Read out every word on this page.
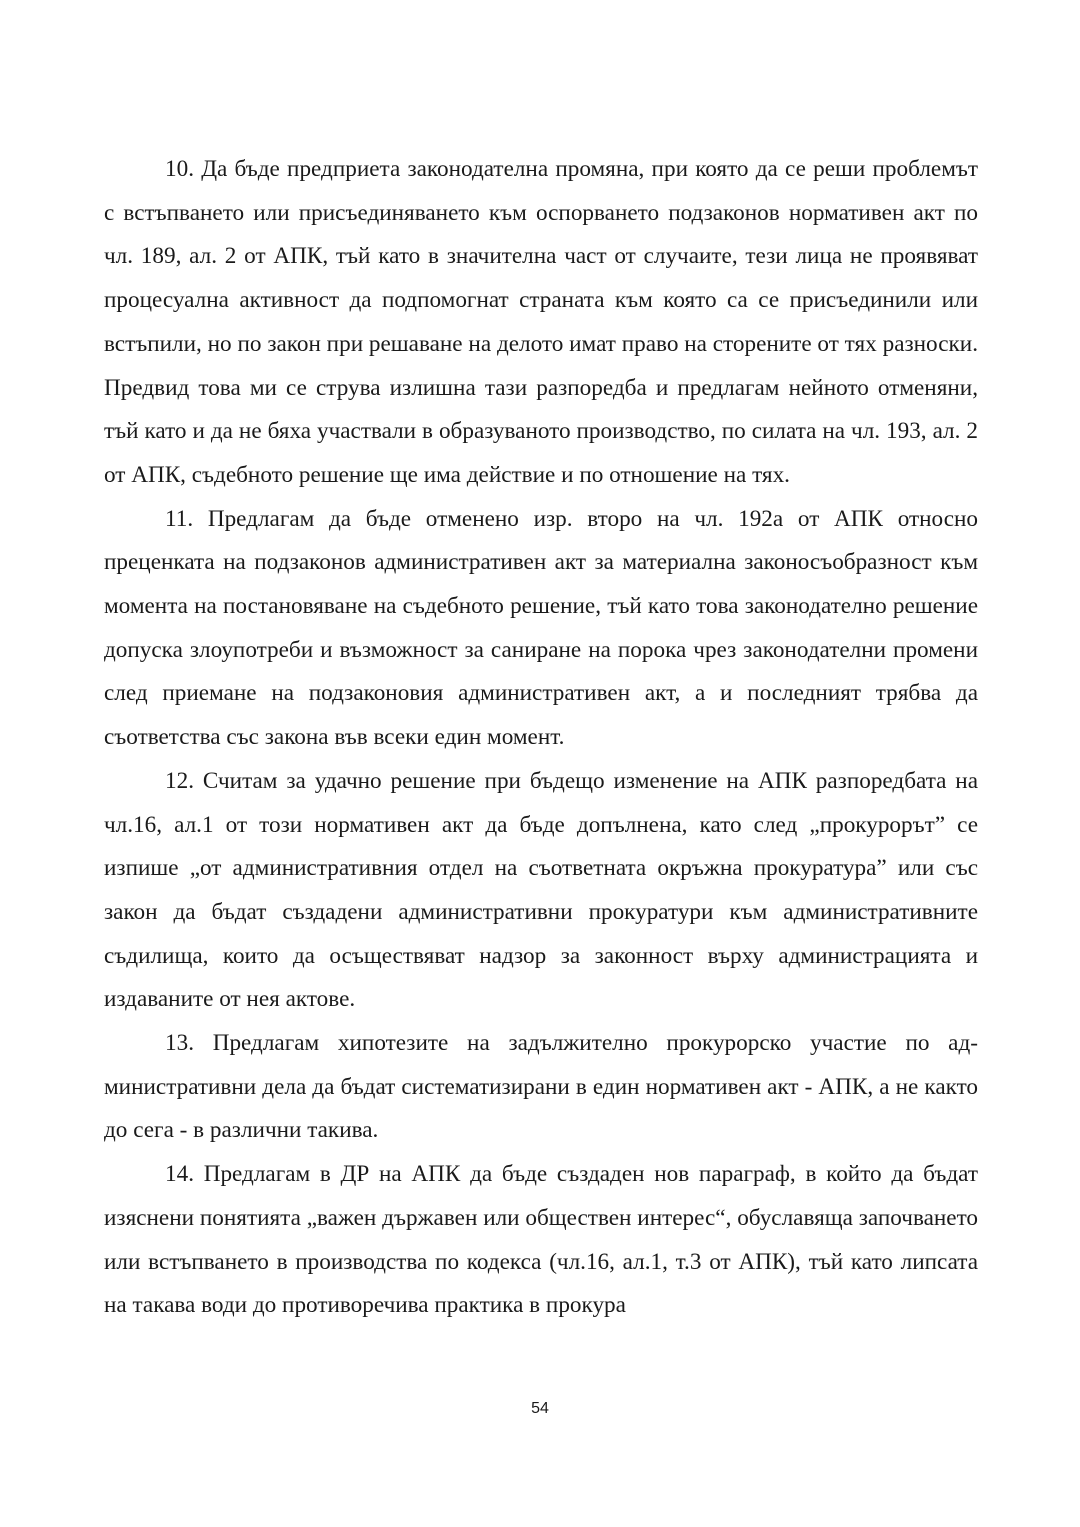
10. Да бъде предприета законодателна промяна, при която да се реши проблемът с встъпването или присъединяването към оспорването подзаконов нормативен акт по чл. 189, ал. 2 от АПК, тъй като в значителна част от случаите, тези лица не проявяват процесуална активност да подпомогнат страната към която са се присъединили или встъпили, но по закон при решаване на делото имат право на сторените от тях разноски. Предвид това ми се струва излишна тази разпоредба и предлагам нейното отменяни, тъй като и да не бяха участвали в образуваното производство, по силата на чл. 193, ал. 2 от АПК, съдебното решение ще има действие и по отношение на тях.

11. Предлагам да бъде отменено изр. второ на чл. 192а от АПК относно преценката на подзаконов административен акт за материална законосъобразност към момента на постановяване на съдебното решение, тъй като това законодателно решение допуска злоупотреби и възможност за саниране на порока чрез законодателни промени след приемане на подзаконовия административен акт, а и последният трябва да съответства със закона във всеки един момент.

12. Считам за удачно решение при бъдещо изменение на АПК разпоредбата на чл.16, ал.1 от този нормативен акт да бъде допълнена, като след „прокурорът” се изпише „от административния отдел на съответната окръжна прокуратура” или със закон да бъдат създадени административни прокуратури към административните съдилища, които да осъществяват надзор за законност върху администрацията и издаваните от нея актове.

13. Предлагам хипотезите на задължително прокурорско участие по административни дела да бъдат систематизирани в един нормативен акт - АПК, а не както до сега - в различни такива.

14. Предлагам в ДР на АПК да бъде създаден нов параграф, в който да бъдат изяснени понятията „важен държавен или обществен интерес“, обуславяща започването или встъпването в производства по кодекса (чл.16, ал.1, т.3 от АПК), тъй като липсата на такава води до противоречива практика в прокура

54
